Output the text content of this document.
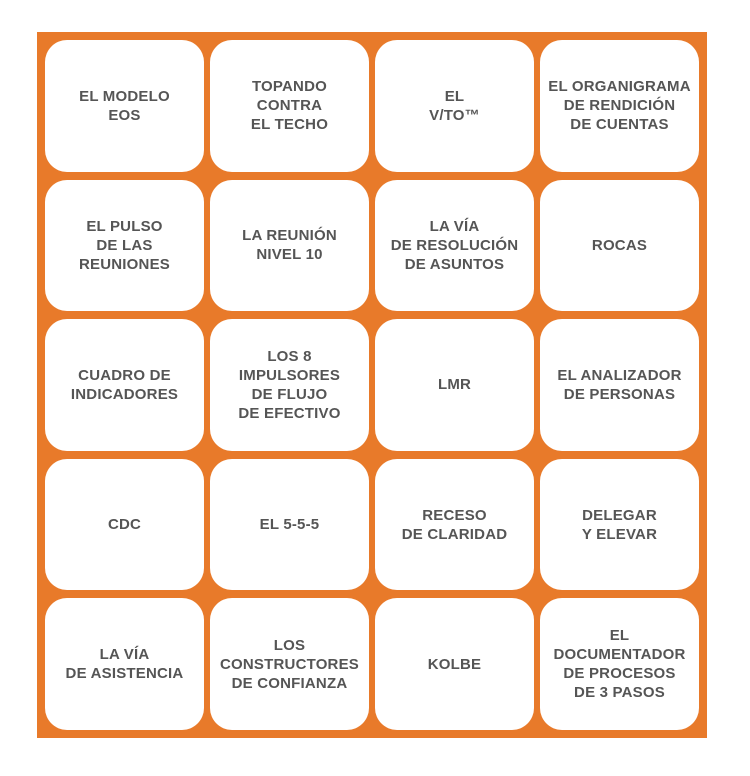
EL MODELO
EOS
TOPANDO
CONTRA
EL TECHO
EL
V/TO™
EL ORGANIGRAMA
DE RENDICIÓN
DE CUENTAS
EL PULSO
DE LAS
REUNIONES
LA REUNIÓN
NIVEL 10
LA VÍA
DE RESOLUCIÓN
DE ASUNTOS
ROCAS
CUADRO DE
INDICADORES
LOS 8
IMPULSORES
DE FLUJO
DE EFECTIVO
LMR
EL ANALIZADOR
DE PERSONAS
CDC	EL 5-5-5
RECESO
DE CLARIDAD
DELEGAR
Y ELEVAR
LA VÍA
DE ASISTENCIA
LOS
CONSTRUCTORES
DE CONFIANZA
KOLBE
EL
DOCUMENTADOR
DE PROCESOS
DE 3 PASOS
